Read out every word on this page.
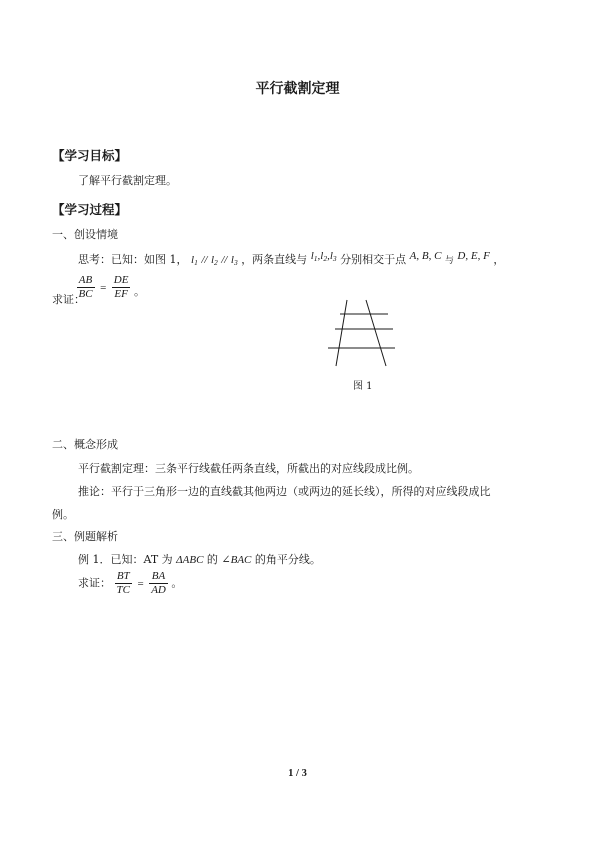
平行截割定理
【学习目标】
了解平行截割定理。
【学习过程】
一、创设情境
思考：已知：如图 1， $l_1 // l_2 // l_3$ ，两条直线与 $l_1,l_2,l_3$ 分别相交于点 A, B, C 与 D, E, F ，
求证：
$\frac{AB}{BC} = \frac{DE}{EF}$ 。
图 1
二、概念形成
平行截割定理：三条平行线截任两条直线，所截出的对应线段成比例。
推论：平行于三角形一边的直线截其他两边（或两边的延长线），所得的对应线段成比
例。
三、例题解析
例 1．已知：AT 为 ΔABC 的 ∠BAC 的角平分线。
求证： $\frac{BT}{TC} = \frac{BA}{AD}$ 。
1 / 3
